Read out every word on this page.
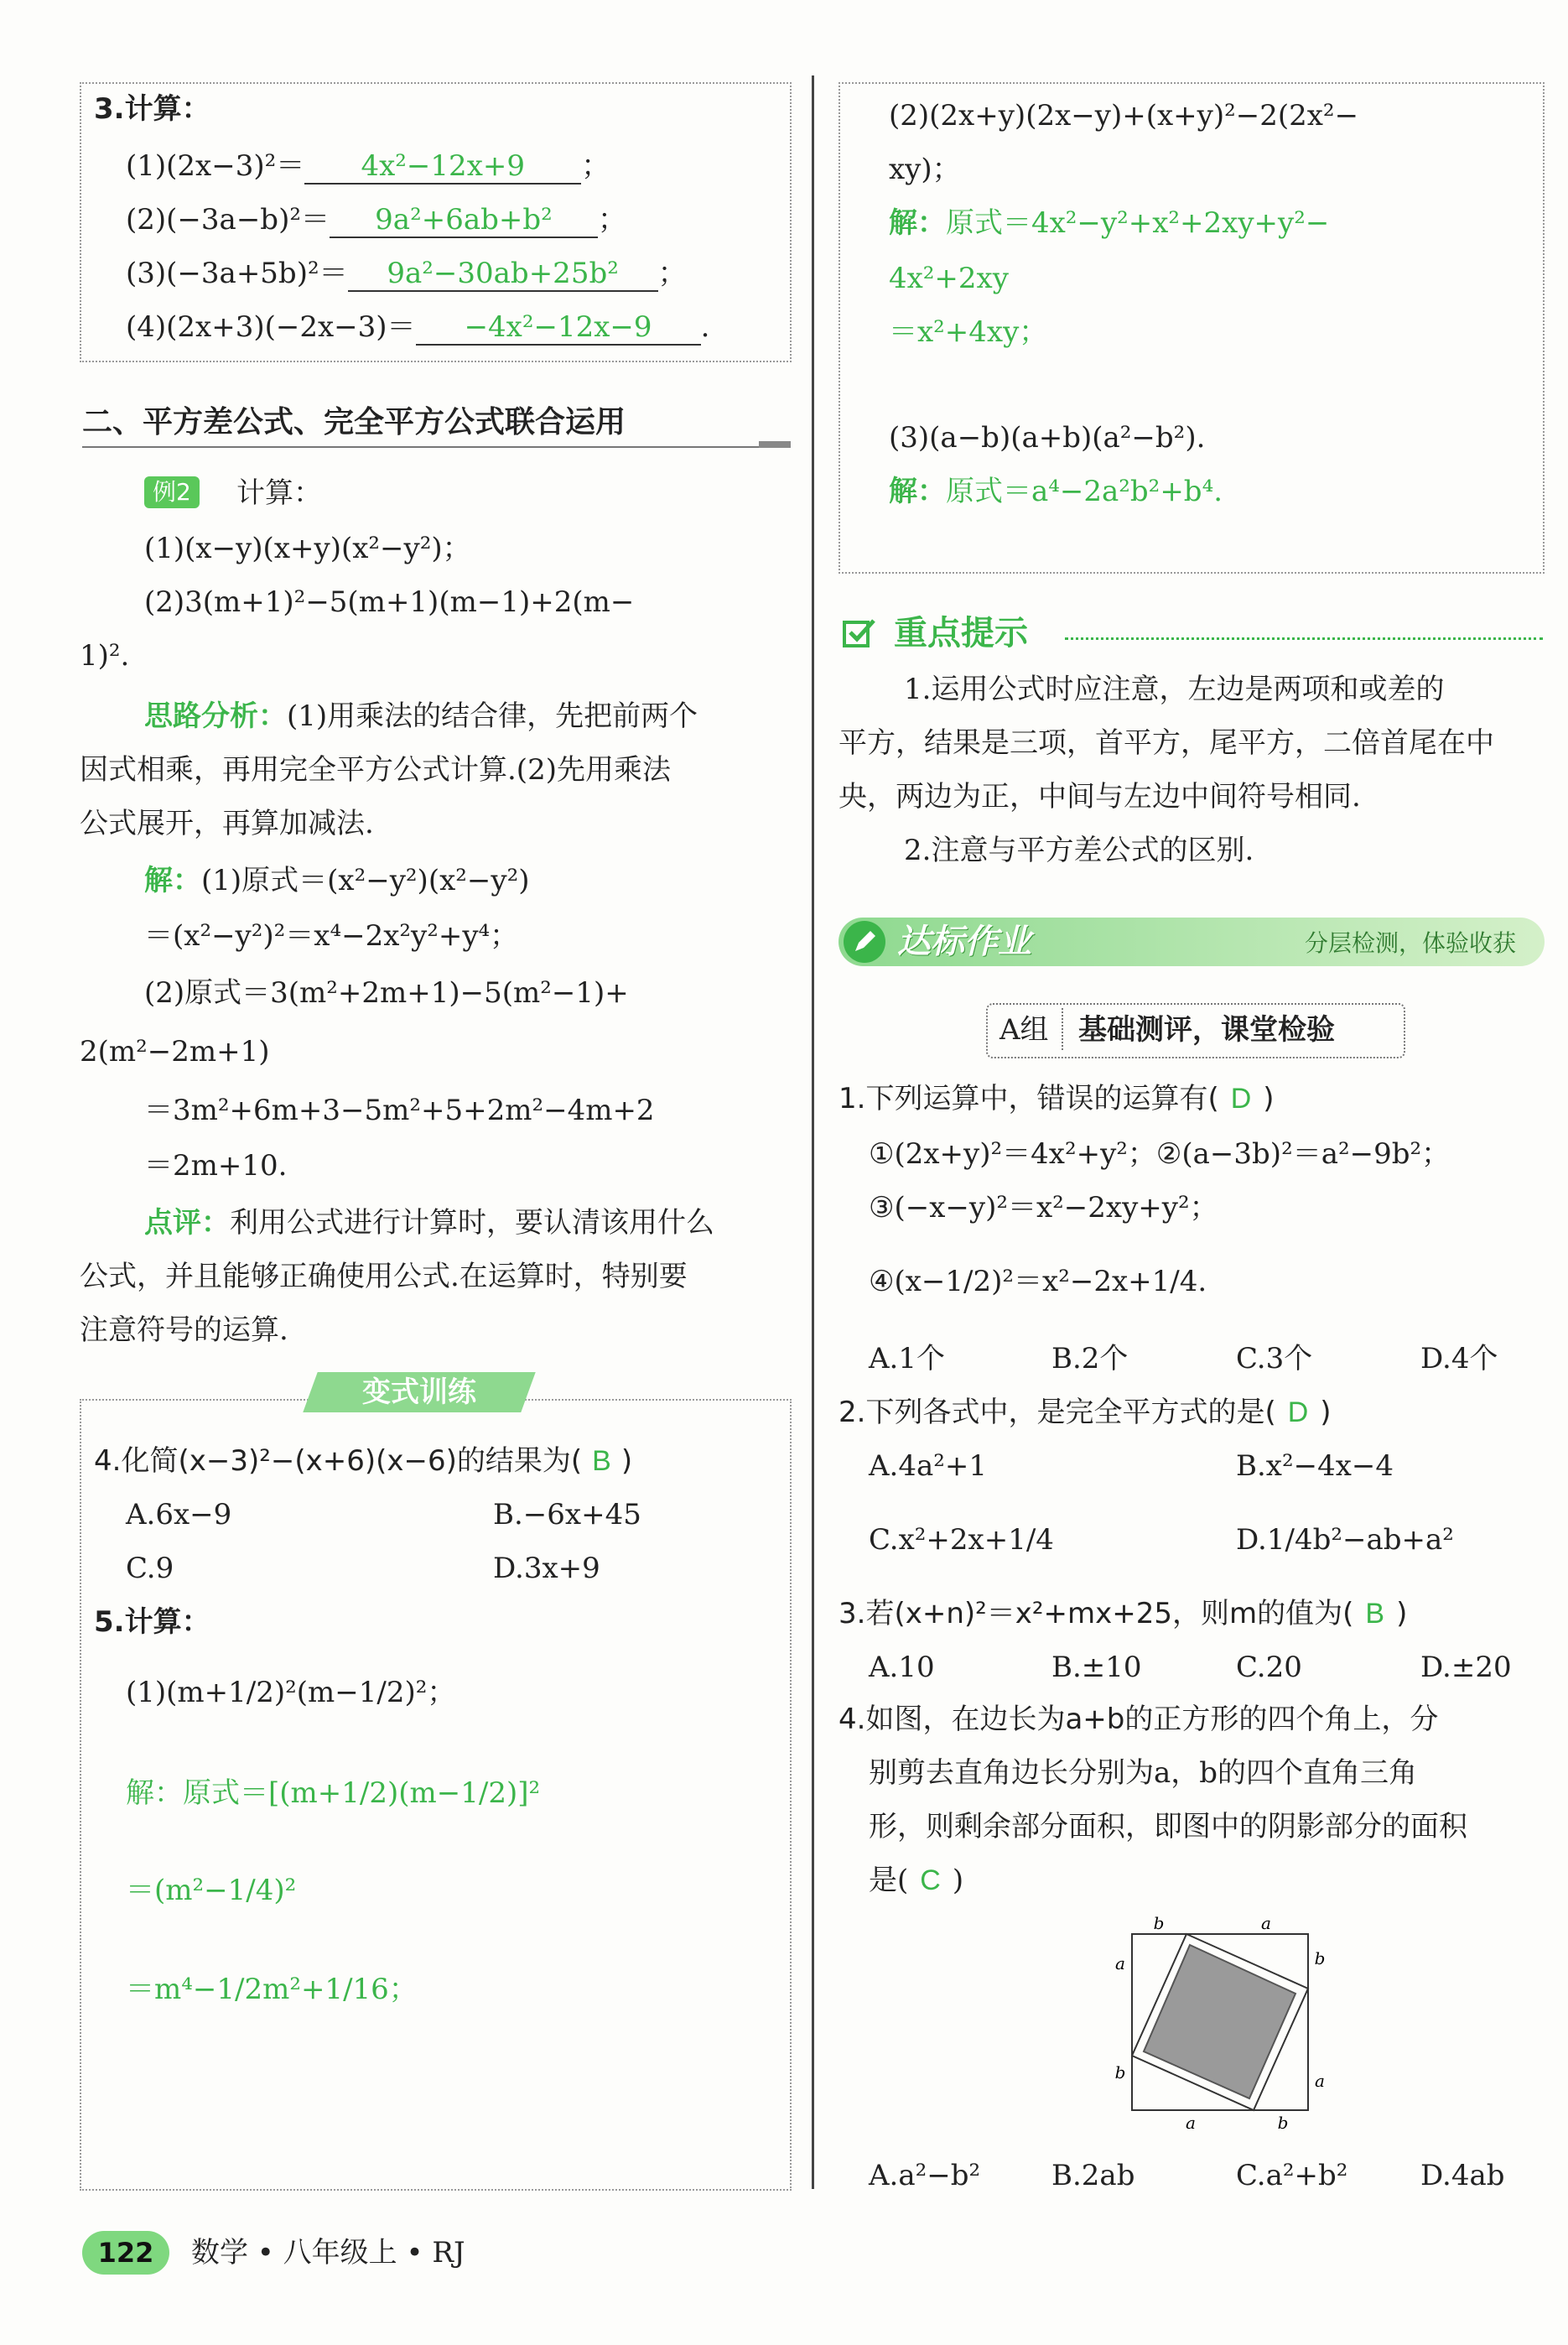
3.计算：
(1)(2x−3)²＝ 4x²−12x+9 ；
(2)(−3a−b)²＝ 9a²+6ab+b² ；
(3)(−3a+5b)²＝ 9a²−30ab+25b² ；
(4)(2x+3)(−2x−3)＝ −4x²−12x−9 .
二、平方差公式、完全平方公式联合运用
例2 计算：
(1)(x−y)(x+y)(x²−y²)；
(2)3(m+1)²−5(m+1)(m−1)+2(m−
1)².
思路分析：(1)用乘法的结合律，先把前两个
因式相乘，再用完全平方公式计算.(2)先用乘法
公式展开，再算加减法.
解：(1)原式＝(x²−y²)(x²−y²)
＝(x²−y²)²＝x⁴−2x²y²+y⁴；
(2)原式＝3(m²+2m+1)−5(m²−1)+
2(m²−2m+1)
＝3m²+6m+3−5m²+5+2m²−4m+2
＝2m+10.
点评：利用公式进行计算时，要认清该用什么
公式，并且能够正确使用公式.在运算时，特别要
注意符号的运算.
变式训练
4.化简(x−3)²−(x+6)(x−6)的结果为( B )
A.6x−9	B.−6x+45
C.9	D.3x+9
5.计算：
(1)(m+1/2)²(m−1/2)²；
解：原式＝[(m+1/2)(m−1/2)]²
＝(m²−1/4)²
＝m⁴−1/2m²+1/16；
(2)(2x+y)(2x−y)+(x+y)²−2(2x²−
xy)；
解：原式＝4x²−y²+x²+2xy+y²−
4x²+2xy
＝x²+4xy；
(3)(a−b)(a+b)(a²−b²).
解：原式＝a⁴−2a²b²+b⁴.
重点提示
1.运用公式时应注意，左边是两项和或差的
平方，结果是三项，首平方，尾平方，二倍首尾在中
央，两边为正，中间与左边中间符号相同.
2.注意与平方差公式的区别.
达标作业	分层检测，体验收获
A组 基础测评，课堂检验
1.下列运算中，错误的运算有( D )
①(2x+y)²＝4x²+y²；②(a−3b)²＝a²−9b²；
③(−x−y)²＝x²−2xy+y²；
④(x−1/2)²＝x²−2x+1/4.
A.1个	B.2个	C.3个	D.4个
2.下列各式中，是完全平方式的是( D )
A.4a²+1	B.x²−4x−4
C.x²+2x+1/4	D.1/4b²−ab+a²
3.若(x+n)²＝x²+mx+25，则m的值为( B )
A.10	B.±10	C.20	D.±20
4.如图，在边长为a+b的正方形的四个角上，分
别剪去直角边长分别为a，b的四个直角三角
形，则剩余部分面积，即图中的阴影部分的面积
是( C )
b	a
b
a
a	b
a
b
A.a²−b² B.2ab	C.a²+b²	D.4ab
122	数学 • 八年级上 • RJ
